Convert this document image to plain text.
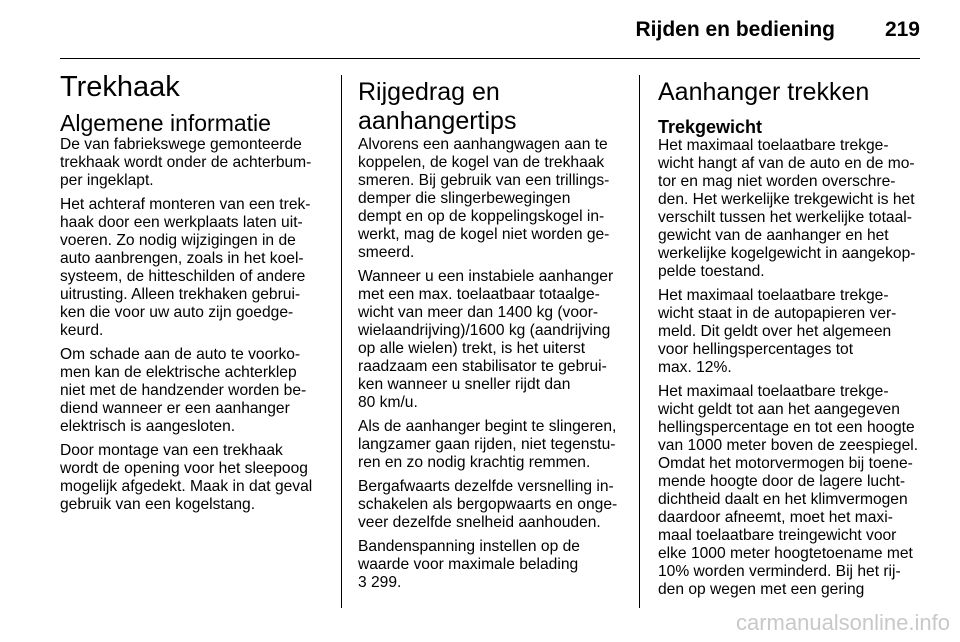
Rijden en bediening 219
Trekhaak
Algemene informatie

De van fabriekswege gemonteerde
trekhaak wordt onder de achterbum-
per ingeklapt.

Het achteraf monteren van een trek-
haak door een werkplaats laten uit-
voeren. Zo nodig wijzigingen in de
auto aanbrengen, zoals in het koel-
systeem, de hitteschilden of andere
uitrusting. Alleen trekhaken gebrui-
ken die voor uw auto zijn goedge-
keurd.

Om schade aan de auto te voorko-
men kan de elektrische achterklep
niet met de handzender worden be-
diend wanneer er een aanhanger
elektrisch is aangesloten.

Door montage van een trekhaak
wordt de opening voor het sleepoog
mogelijk afgedekt. Maak in dat geval
gebruik van een kogelstang.

Rijgedrag en
aanhangertips

Alvorens een aanhangwagen aan te
koppelen, de kogel van de trekhaak
smeren. Bij gebruik van een trillings-
demper die slingerbewegingen
dempt en op de koppelingskogel in-
werkt, mag de kogel niet worden ge-
smeerd.

Wanneer u een instabiele aanhanger
met een max. toelaatbaar totaalge-
wicht van meer dan 1400 kg (voor-
wielaandrijving)/1600 kg (aandrijving
op alle wielen) trekt, is het uiterst
raadzaam een stabilisator te gebrui-
ken wanneer u sneller rijdt dan
80 km/u.

Als de aanhanger begint te slingeren,
langzamer gaan rijden, niet tegenstu-
ren en zo nodig krachtig remmen.

Bergafwaarts dezelfde versnelling in-
schakelen als bergopwaarts en onge-
veer dezelfde snelheid aanhouden.

Bandenspanning instellen op de
waarde voor maximale belading
3 299.

Aanhanger trekken
Trekgewicht

Het maximaal toelaatbare trekge-
wicht hangt af van de auto en de mo-
tor en mag niet worden overschre-
den. Het werkelijke trekgewicht is het
verschilt tussen het werkelijke totaal-
gewicht van de aanhanger en het
werkelijke kogelgewicht in aangekop-
pelde toestand.

Het maximaal toelaatbare trekge-
wicht staat in de autopapieren ver-
meld. Dit geldt over het algemeen
voor hellingspercentages tot
max. 12%.

Het maximaal toelaatbare trekge-
wicht geldt tot aan het aangegeven
hellingspercentage en tot een hoogte
van 1000 meter boven de zeespiegel.
Omdat het motorvermogen bij toene-
mende hoogte door de lagere lucht-
dichtheid daalt en het klimvermogen
daardoor afneemt, moet het maxi-
maal toelaatbare treingewicht voor
elke 1000 meter hoogtetoename met
10% worden verminderd. Bij het rij-
den op wegen met een gering

carmanualsonline.info
